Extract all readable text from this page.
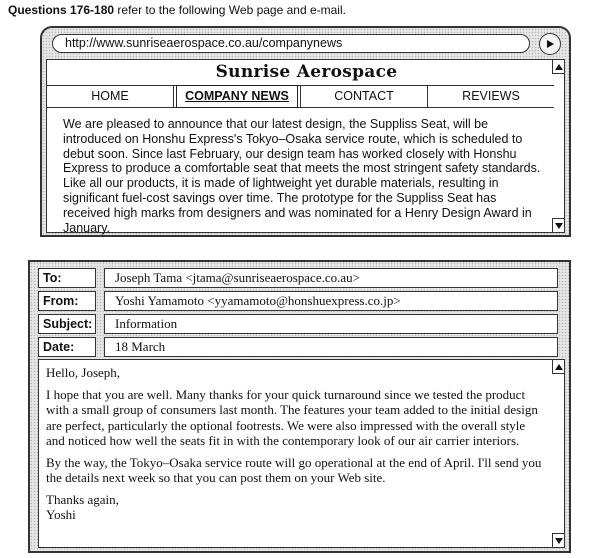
Questions 176-180 refer to the following Web page and e-mail.
http://www.sunriseaerospace.co.au/companynews
Sunrise Aerospace
HOME	COMPANY NEWS	CONTACT	REVIEWS
We are pleased to announce that our latest design, the Suppliss Seat, will be introduced on Honshu Express's Tokyo–Osaka service route, which is scheduled to debut soon. Since last February, our design team has worked closely with Honshu Express to produce a comfortable seat that meets the most stringent safety standards. Like all our products, it is made of lightweight yet durable materials, resulting in significant fuel-cost savings over time. The prototype for the Suppliss Seat has received high marks from designers and was nominated for a Henry Design Award in January.
To:	Joseph Tama <jtama@sunriseaerospace.co.au>
From:	Yoshi Yamamoto <yyamamoto@honshuexpress.co.jp>
Subject:	Information
Date:	18 March

Hello, Joseph,

I hope that you are well. Many thanks for your quick turnaround since we tested the product with a small group of consumers last month. The features your team added to the initial design are perfect, particularly the optional footrests. We were also impressed with the overall style and noticed how well the seats fit in with the contemporary look of our air carrier interiors.

By the way, the Tokyo–Osaka service route will go operational at the end of April. I'll send you the details next week so that you can post them on your Web site.

Thanks again,
Yoshi
